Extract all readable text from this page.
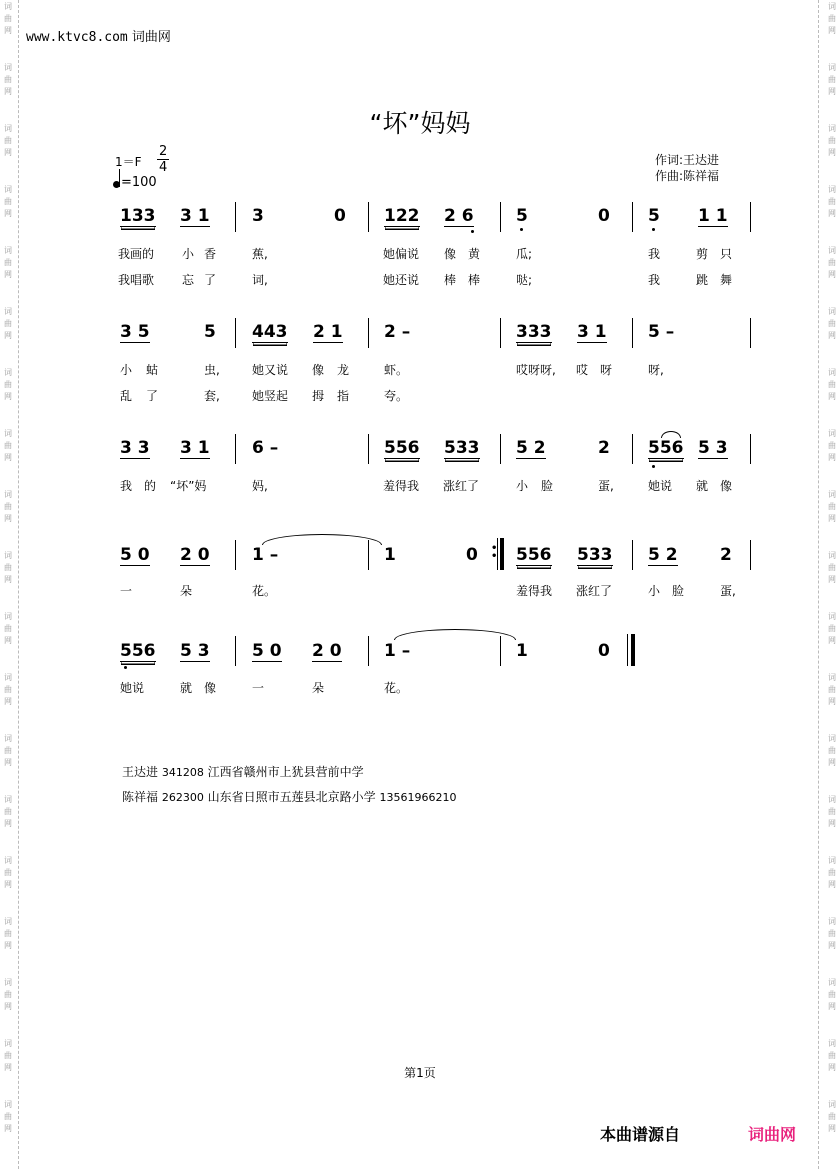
词
曲
网
词
曲
网
词
曲
网
词
曲
网
词
曲
网
词
曲
网
词
曲
网
词
曲
网
词
曲
网
词
曲
网
词
曲
网
词
曲
网
词
曲
网
词
曲
网
词
曲
网
词
曲
网
词
曲
网
词
曲
网
词
曲
网
词
曲
网
词
曲
网
词
曲
网
词
曲
网
词
曲
网
词
曲
网
词
曲
网
词
曲
网
词
曲
网
词
曲
网
词
曲
网
词
曲
网
词
曲
网
词
曲
网
词
曲
网
词
曲
网
词
曲
网
词
曲
网
词
曲
网
www.ktvc8.com 词曲网
“坏”妈妈
1＝F
2
4
=100
作词:王达进
作曲:陈祥福
133 3 1 3	0 122 2 6 5	0 5 1 1
我画的 小 香	蕉,	她偏说 像 黄	瓜;	我	剪 只
我唱歌 忘 了	词,	她还说 棒 棒	哒;	我	跳 舞
3 5	5 443 2 1 2 –	333 3 1 5 –
小 蛄	虫,	她又说 像 龙	虾。	哎呀呀, 哎 呀	呀,
乱 了	套,	她竖起 拇 指	夸。
3 3 3 1 6 –	556 533 5 2	2 556 5 3
我 的 “坏”妈	妈,	羞得我 涨红了	小 脸	蛋,	她说 就 像
5 0 2 0 1 –	1	0 •
• 556 533 5 2 2
一	朵	花。	羞得我 涨红了	小 脸	蛋,
556 5 3 5 0 2 0 1 –	1	0
她说	就 像	一	朵	花。
王达进 341208 江西省赣州市上犹县营前中学
陈祥福 262300 山东省日照市五莲县北京路小学 13561966210
第1页
本曲谱源自	词曲网
